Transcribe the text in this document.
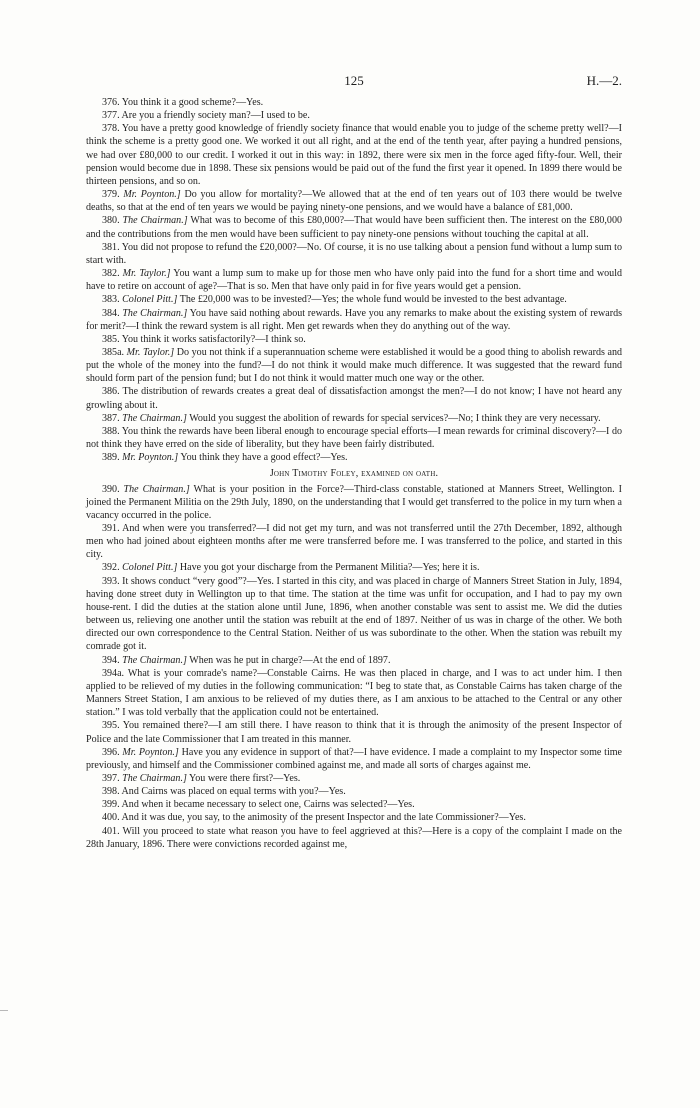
125	H.—2.

376. You think it a good scheme?—Yes.

377. Are you a friendly society man?—I used to be.

378. You have a pretty good knowledge of friendly society finance that would enable you to judge of the scheme pretty well?—I think the scheme is a pretty good one. We worked it out all right, and at the end of the tenth year, after paying a hundred pensions, we had over £80,000 to our credit. I worked it out in this way: in 1892, there were six men in the force aged fifty-four. Well, their pension would become due in 1898. These six pensions would be paid out of the fund the first year it opened. In 1899 there would be thirteen pensions, and so on.

379. Mr. Poynton.] Do you allow for mortality?—We allowed that at the end of ten years out of 103 there would be twelve deaths, so that at the end of ten years we would be paying ninety-one pensions, and we would have a balance of £81,000.

380. The Chairman.] What was to become of this £80,000?—That would have been sufficient then. The interest on the £80,000 and the contributions from the men would have been sufficient to pay ninety-one pensions without touching the capital at all.

381. You did not propose to refund the £20,000?—No. Of course, it is no use talking about a pension fund without a lump sum to start with.

382. Mr. Taylor.] You want a lump sum to make up for those men who have only paid into the fund for a short time and would have to retire on account of age?—That is so. Men that have only paid in for five years would get a pension.

383. Colonel Pitt.] The £20,000 was to be invested?—Yes; the whole fund would be invested to the best advantage.

384. The Chairman.] You have said nothing about rewards. Have you any remarks to make about the existing system of rewards for merit?—I think the reward system is all right. Men get rewards when they do anything out of the way.

385. You think it works satisfactorily?—I think so.

385a. Mr. Taylor.] Do you not think if a superannuation scheme were established it would be a good thing to abolish rewards and put the whole of the money into the fund?—I do not think it would make much difference. It was suggested that the reward fund should form part of the pension fund; but I do not think it would matter much one way or the other.

386. The distribution of rewards creates a great deal of dissatisfaction amongst the men?—I do not know; I have not heard any growling about it.

387. The Chairman.] Would you suggest the abolition of rewards for special services?—No; I think they are very necessary.

388. You think the rewards have been liberal enough to encourage special efforts—I mean rewards for criminal discovery?—I do not think they have erred on the side of liberality, but they have been fairly distributed.

389. Mr. Poynton.] You think they have a good effect?—Yes.

John Timothy Foley, examined on oath.

390. The Chairman.] What is your position in the Force?—Third-class constable, stationed at Manners Street, Wellington. I joined the Permanent Militia on the 29th July, 1890, on the understanding that I would get transferred to the police in my turn when a vacancy occurred in the police.

391. And when were you transferred?—I did not get my turn, and was not transferred until the 27th December, 1892, although men who had joined about eighteen months after me were transferred before me. I was transferred to the police, and started in this city.

392. Colonel Pitt.] Have you got your discharge from the Permanent Militia?—Yes; here it is.

393. It shows conduct “very good”?—Yes. I started in this city, and was placed in charge of Manners Street Station in July, 1894, having done street duty in Wellington up to that time. The station at the time was unfit for occupation, and I had to pay my own house-rent. I did the duties at the station alone until June, 1896, when another constable was sent to assist me. We did the duties between us, relieving one another until the station was rebuilt at the end of 1897. Neither of us was in charge of the other. We both directed our own correspondence to the Central Station. Neither of us was subordinate to the other. When the station was rebuilt my comrade got it.

394. The Chairman.] When was he put in charge?—At the end of 1897.

394a. What is your comrade's name?—Constable Cairns. He was then placed in charge, and I was to act under him. I then applied to be relieved of my duties in the following communication: “I beg to state that, as Constable Cairns has taken charge of the Manners Street Station, I am anxious to be relieved of my duties there, as I am anxious to be attached to the Central or any other station.” I was told verbally that the application could not be entertained.

395. You remained there?—I am still there. I have reason to think that it is through the animosity of the present Inspector of Police and the late Commissioner that I am treated in this manner.

396. Mr. Poynton.] Have you any evidence in support of that?—I have evidence. I made a complaint to my Inspector some time previously, and himself and the Commissioner combined against me, and made all sorts of charges against me.

397. The Chairman.] You were there first?—Yes.

398. And Cairns was placed on equal terms with you?—Yes.

399. And when it became necessary to select one, Cairns was selected?—Yes.

400. And it was due, you say, to the animosity of the present Inspector and the late Commissioner?—Yes.

401. Will you proceed to state what reason you have to feel aggrieved at this?—Here is a copy of the complaint I made on the 28th January, 1896. There were convictions recorded against me,
